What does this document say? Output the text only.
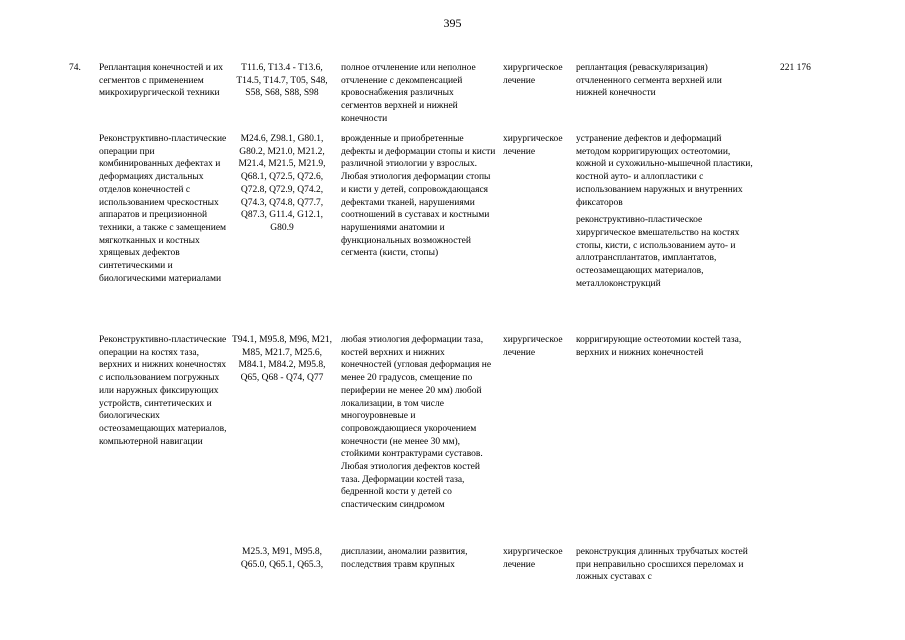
395
74.	Реплантация конечностей и их сегментов с применением микрохирургической техники
T11.6, T13.4 - T13.6, T14.5, T14.7, T05, S48, S58, S68, S88, S98
полное отчленение или неполное отчленение с декомпенсацией кровоснабжения различных сегментов верхней и нижней конечности
хирургическое лечение

реплантация (реваскуляризация) отчлененного сегмента верхней или нижней конечности

221 176
Реконструктивно-пластические операции при комбинированных дефектах и деформациях дистальных отделов конечностей с использованием чрескостных аппаратов и прецизионной техники, а также с замещением мягкотканных и костных хрящевых дефектов синтетическими и биологическими материалами
M24.6, Z98.1, G80.1, G80.2, M21.0, M21.2, M21.4, M21.5, M21.9, Q68.1, Q72.5, Q72.6, Q72.8, Q72.9, Q74.2, Q74.3, Q74.8, Q77.7, Q87.3, G11.4, G12.1, G80.9
врожденные и приобретенные дефекты и деформации стопы и кисти различной этиологии у взрослых. Любая этиология деформации стопы и кисти у детей, сопровождающаяся дефектами тканей, нарушениями соотношений в суставах и костными нарушениями анатомии и функциональных возможностей сегмента (кисти, стопы)
хирургическое лечение

устранение дефектов и деформаций методом корригирующих остеотомии, кожной и сухожильно-мышечной пластики, костной ауто- и аллопластики с использованием наружных и внутренних фиксаторов

реконструктивно-пластическое хирургическое вмешательство на костях стопы, кисти, с использованием ауто- и аллотрансплантатов, имплантатов, остеозамещающих материалов, металлоконструкций

Реконструктивно-пластические операции на костях таза, верхних и нижних конечностях с использованием погружных или наружных фиксирующих устройств, синтетических и биологических остеозамещающих материалов, компьютерной навигации
T94.1, M95.8, M96, M21, M85, M21.7, M25.6, M84.1, M84.2, M95.8, Q65, Q68 - Q74, Q77
любая этиология деформации таза, костей верхних и нижних конечностей (угловая деформация не менее 20 градусов, смещение по периферии не менее 20 мм) любой локализации, в том числе многоуровневые и сопровождающиеся укорочением конечности (не менее 30 мм), стойкими контрактурами суставов. Любая этиология дефектов костей таза. Деформации костей таза, бедренной кости у детей со спастическим синдромом
хирургическое лечение

корригирующие остеотомии костей таза, верхних и нижних конечностей

M25.3, M91, M95.8, Q65.0, Q65.1, Q65.3,
дисплазии, аномалии развития, последствия травм крупных
хирургическое лечение

реконструкция длинных трубчатых костей при неправильно сросшихся переломах и ложных суставах с
